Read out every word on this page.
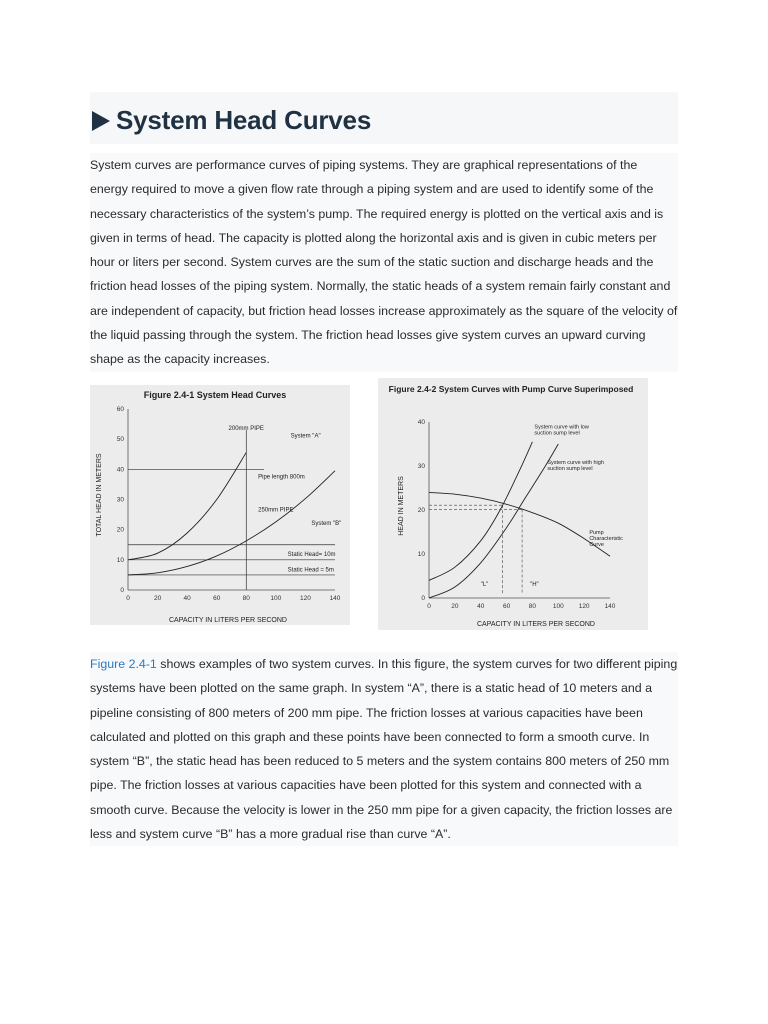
System Head Curves

System curves are performance curves of piping systems. They are graphical representations of the energy required to move a given flow rate through a piping system and are used to identify some of the necessary characteristics of the system’s pump. The required energy is plotted on the vertical axis and is given in terms of head. The capacity is plotted along the horizontal axis and is given in cubic meters per hour or liters per second. System curves are the sum of the static suction and discharge heads and the friction head losses of the piping system. Normally, the static heads of a system remain fairly constant and are independent of capacity, but friction head losses increase approximately as the square of the velocity of the liquid passing through the system. The friction head losses give system curves an upward curving shape as the capacity increases.

Figure 2.4-1 System Head Curves
0	20	40	60	80	100	120	140
0
10
20
30
40
50
60
TOTAL HEAD IN METERS
CAPACITY IN LITERS PER SECOND
200mm PIPE
Pipe length 800m
250mm PIPE
Static Head= 10m
Static Head = 5m
System "A"
System "B"
Figure 2.4-2 System Curves with Pump Curve Superimposed
0	20	40	60	80	100 120 140
0
10
20
30
40
HEAD IN METERS
CAPACITY IN LITERS PER SECOND
"L"	"H"
System curve with low suction sump level
System curve with high suction sump level
Pump Characteristic Curve

Figure 2.4-1 shows examples of two system curves. In this figure, the system curves for two different piping systems have been plotted on the same graph. In system “A”, there is a static head of 10 meters and a pipeline consisting of 800 meters of 200 mm pipe. The friction losses at various capacities have been calculated and plotted on this graph and these points have been connected to form a smooth curve. In system “B”, the static head has been reduced to 5 meters and the system contains 800 meters of 250 mm pipe. The friction losses at various capacities have been plotted for this system and connected with a smooth curve. Because the velocity is lower in the 250 mm pipe for a given capacity, the friction losses are less and system curve “B” has a more gradual rise than curve “A”.
